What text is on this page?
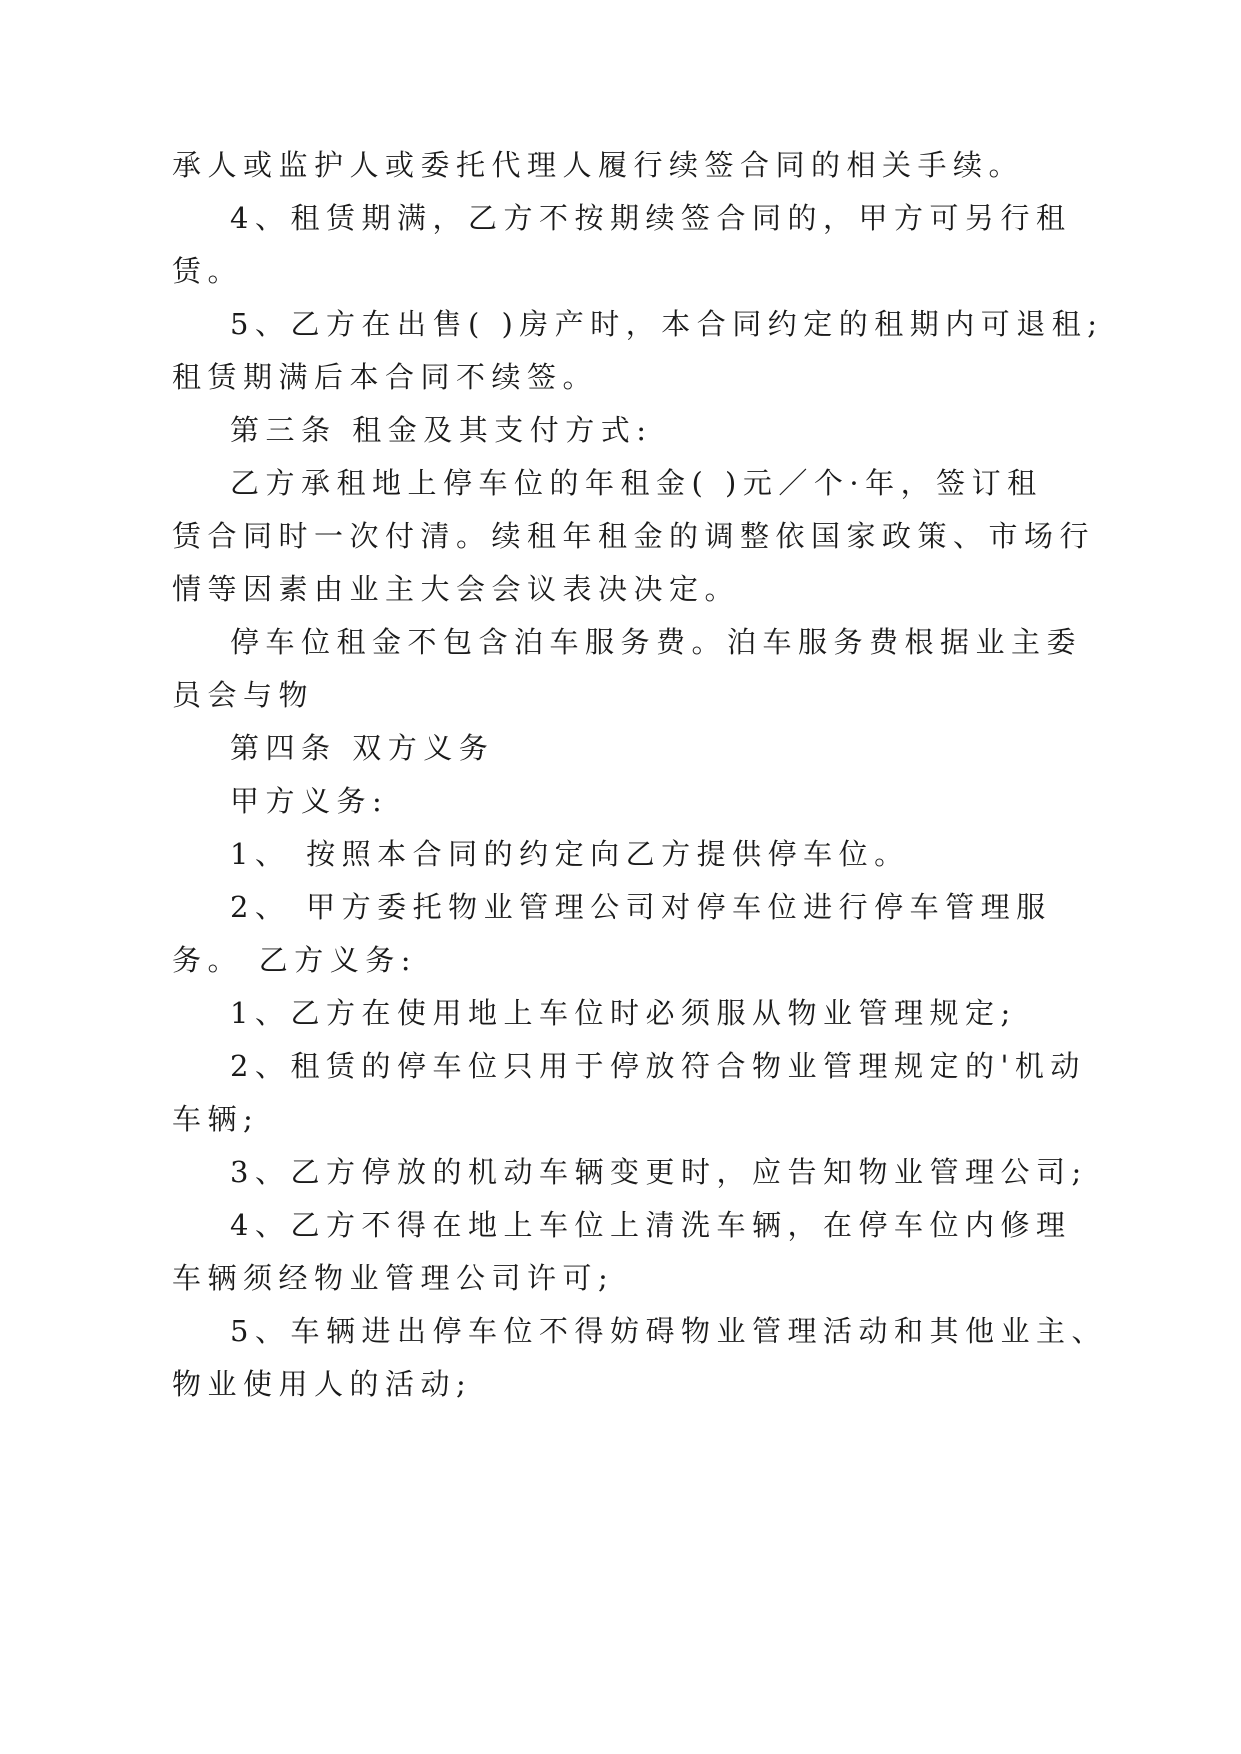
承人或监护人或委托代理人履行续签合同的相关手续。
4、租赁期满，乙方不按期续签合同的，甲方可另行租
赁。
5、乙方在出售( )房产时，本合同约定的租期内可退租;
租赁期满后本合同不续签。
第三条 租金及其支付方式:
乙方承租地上停车位的年租金( )元／个·年，签订租
赁合同时一次付清。续租年租金的调整依国家政策、市场行
情等因素由业主大会会议表决决定。
停车位租金不包含泊车服务费。泊车服务费根据业主委
员会与物
第四条 双方义务
甲方义务:
1、 按照本合同的约定向乙方提供停车位。
2、 甲方委托物业管理公司对停车位进行停车管理服
务。 乙方义务:
1、乙方在使用地上车位时必须服从物业管理规定;
2、租赁的停车位只用于停放符合物业管理规定的'机动
车辆;
3、乙方停放的机动车辆变更时，应告知物业管理公司;
4、乙方不得在地上车位上清洗车辆，在停车位内修理
车辆须经物业管理公司许可;
5、车辆进出停车位不得妨碍物业管理活动和其他业主、
物业使用人的活动;
